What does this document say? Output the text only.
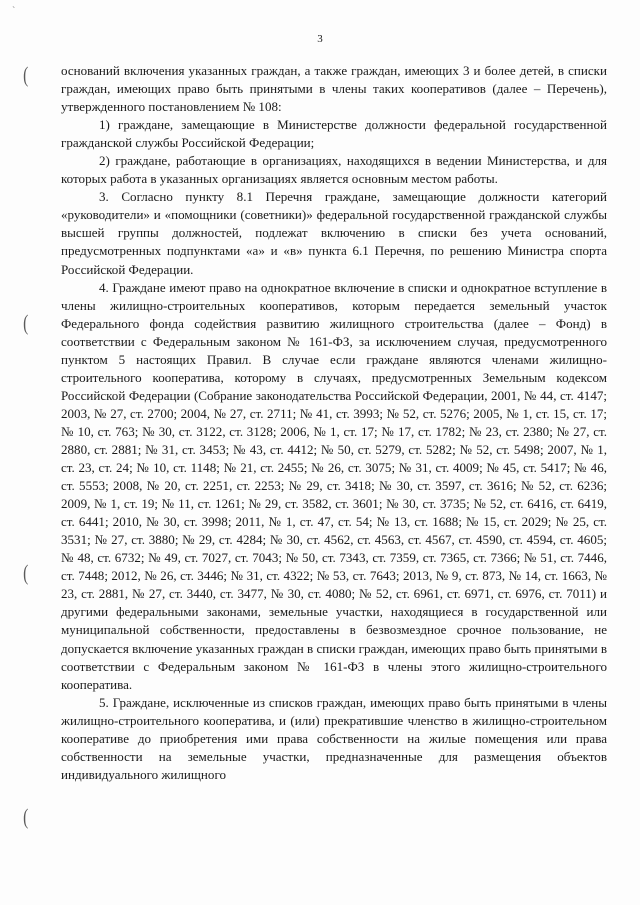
ˋ
3
(
(
(
(

оснований включения указанных граждан, а также граждан, имеющих 3 и более детей, в списки граждан, имеющих право быть принятыми в члены таких кооперативов (далее – Перечень), утвержденного постановлением № 108:

1) граждане, замещающие в Министерстве должности федеральной государственной гражданской службы Российской Федерации;

2) граждане, работающие в организациях, находящихся в ведении Министерства, и для которых работа в указанных организациях является основным местом работы.

3. Согласно пункту 8.1 Перечня граждане, замещающие должности категорий «руководители» и «помощники (советники)» федеральной государственной гражданской службы высшей группы должностей, подлежат включению в списки без учета оснований, предусмотренных подпунктами «а» и «в» пункта 6.1 Перечня, по решению Министра спорта Российской Федерации.

4. Граждане имеют право на однократное включение в списки и однократное вступление в члены жилищно-строительных кооперативов, которым передается земельный участок Федерального фонда содействия развитию жилищного строительства (далее – Фонд) в соответствии с Федеральным законом № 161-ФЗ, за исключением случая, предусмотренного пунктом 5 настоящих Правил. В случае если граждане являются членами жилищно-строительного кооператива, которому в случаях, предусмотренных Земельным кодексом Российской Федерации (Собрание законодательства Российской Федерации, 2001, № 44, ст. 4147; 2003, № 27, ст. 2700; 2004, № 27, ст. 2711; № 41, ст. 3993; № 52, ст. 5276; 2005, № 1, ст. 15, ст. 17; № 10, ст. 763; № 30, ст. 3122, ст. 3128; 2006, № 1, ст. 17; № 17, ст. 1782; № 23, ст. 2380; № 27, ст. 2880, ст. 2881; № 31, ст. 3453; № 43, ст. 4412; № 50, ст. 5279, ст. 5282; № 52, ст. 5498; 2007, № 1, ст. 23, ст. 24; № 10, ст. 1148; № 21, ст. 2455; № 26, ст. 3075; № 31, ст. 4009; № 45, ст. 5417; № 46, ст. 5553; 2008, № 20, ст. 2251, ст. 2253; № 29, ст. 3418; № 30, ст. 3597, ст. 3616; № 52, ст. 6236; 2009, № 1, ст. 19; № 11, ст. 1261; № 29, ст. 3582, ст. 3601; № 30, ст. 3735; № 52, ст. 6416, ст. 6419, ст. 6441; 2010, № 30, ст. 3998; 2011, № 1, ст. 47, ст. 54; № 13, ст. 1688; № 15, ст. 2029; № 25, ст. 3531; № 27, ст. 3880; № 29, ст. 4284; № 30, ст. 4562, ст. 4563, ст. 4567, ст. 4590, ст. 4594, ст. 4605; № 48, ст. 6732; № 49, ст. 7027, ст. 7043; № 50, ст. 7343, ст. 7359, ст. 7365, ст. 7366; № 51, ст. 7446, ст. 7448; 2012, № 26, ст. 3446; № 31, ст. 4322; № 53, ст. 7643; 2013, № 9, ст. 873, № 14, ст. 1663, № 23, ст. 2881, № 27, ст. 3440, ст. 3477, № 30, ст. 4080; № 52, ст. 6961, ст. 6971, ст. 6976, ст. 7011) и другими федеральными законами, земельные участки, находящиеся в государственной или муниципальной собственности, предоставлены в безвозмездное срочное пользование, не допускается включение указанных граждан в списки граждан, имеющих право быть принятыми в соответствии с Федеральным законом № 161-ФЗ в члены этого жилищно-строительного кооператива.

5. Граждане, исключенные из списков граждан, имеющих право быть принятыми в члены жилищно-строительного кооператива, и (или) прекратившие членство в жилищно-строительном кооперативе до приобретения ими права собственности на жилые помещения или права собственности на земельные участки, предназначенные для размещения объектов индивидуального жилищного
